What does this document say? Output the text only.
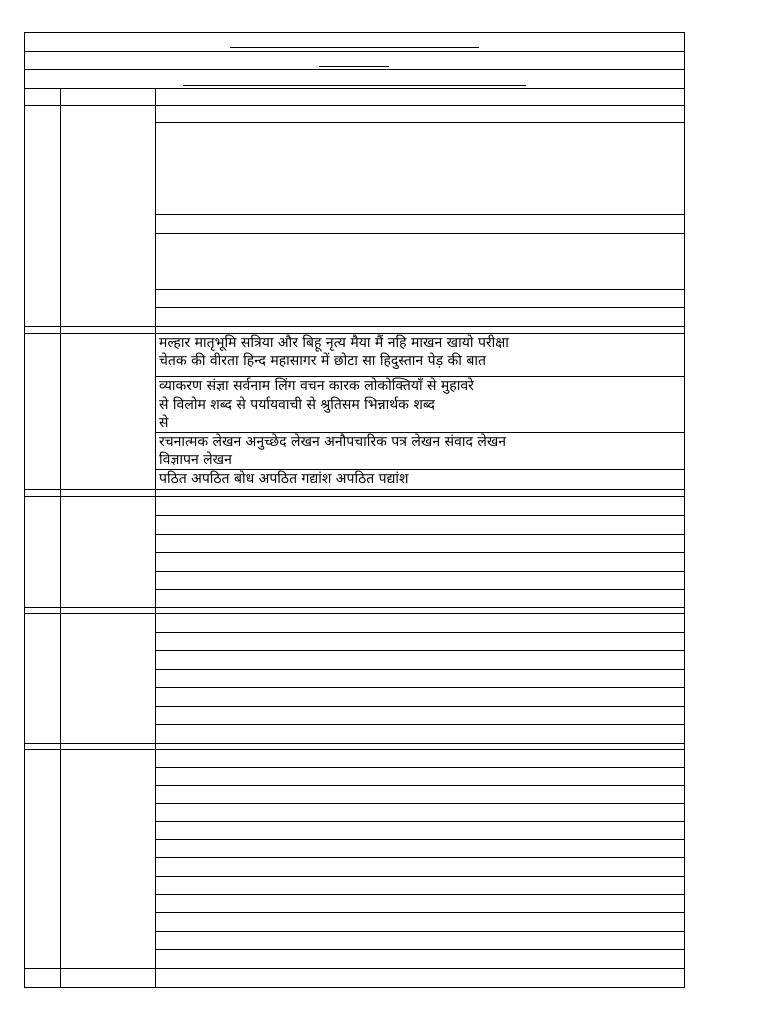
मल्हार मातृभूमि सत्रिया और बिहू नृत्य मैया मैं नहि माखन खायो परीक्षा
चेतक की वीरता हिन्द महासागर में छोटा सा हिदुस्तान पेड़ की बात
व्याकरण संज्ञा सर्वनाम लिंग वचन कारक लोकोक्तियाँ से मुहावरे
से विलोम शब्द से पर्यायवाची से श्रुतिसम भिन्नार्थक शब्द
से
रचनात्मक लेखन अनुच्छेद लेखन अनौपचारिक पत्र लेखन संवाद लेखन
विज्ञापन लेखन
पठित अपठित बोध अपठित गद्यांश अपठित पद्यांश
